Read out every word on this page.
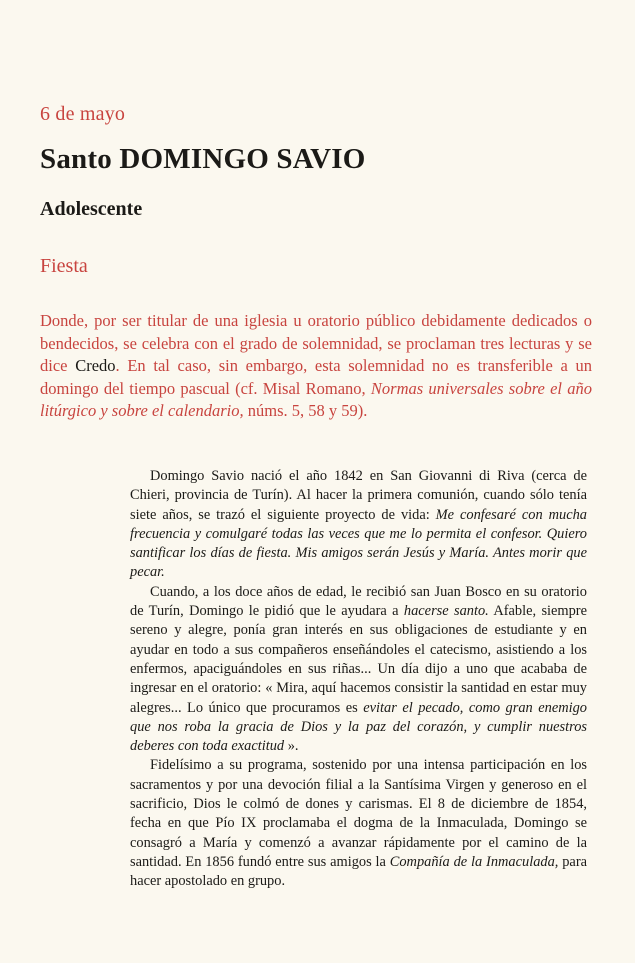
6 de mayo
Santo DOMINGO SAVIO
Adolescente
Fiesta

Donde, por ser titular de una iglesia u oratorio público debidamente dedicados o bendecidos, se celebra con el grado de solemnidad, se proclaman tres lecturas y se dice Credo. En tal caso, sin embargo, esta solemnidad no es transferible a un domingo del tiempo pascual (cf. Misal Romano, Normas universales sobre el año litúrgico y sobre el calendario, núms. 5, 58 y 59).

Domingo Savio nació el año 1842 en San Giovanni di Riva (cerca de Chieri, provincia de Turín). Al hacer la primera comunión, cuando sólo tenía siete años, se trazó el siguiente proyecto de vida: Me confesaré con mucha frecuencia y comulgaré todas las veces que me lo permita el confesor. Quiero santificar los días de fiesta. Mis amigos serán Jesús y María. Antes morir que pecar.

Cuando, a los doce años de edad, le recibió san Juan Bosco en su oratorio de Turín, Domingo le pidió que le ayudara a hacerse santo. Afable, siempre sereno y alegre, ponía gran interés en sus obligaciones de estudiante y en ayudar en todo a sus compañeros enseñándoles el catecismo, asistiendo a los enfermos, apaciguándoles en sus riñas... Un día dijo a uno que acababa de ingresar en el oratorio: « Mira, aquí hacemos consistir la santidad en estar muy alegres... Lo único que procuramos es evitar el pecado, como gran enemigo que nos roba la gracia de Dios y la paz del corazón, y cumplir nuestros deberes con toda exactitud ».

Fidelísimo a su programa, sostenido por una intensa participación en los sacramentos y por una devoción filial a la Santísima Virgen y generoso en el sacrificio, Dios le colmó de dones y carismas. El 8 de diciembre de 1854, fecha en que Pío IX proclamaba el dogma de la Inmaculada, Domingo se consagró a María y comenzó a avanzar rápidamente por el camino de la santidad. En 1856 fundó entre sus amigos la Compañía de la Inmaculada, para hacer apostolado en grupo.
